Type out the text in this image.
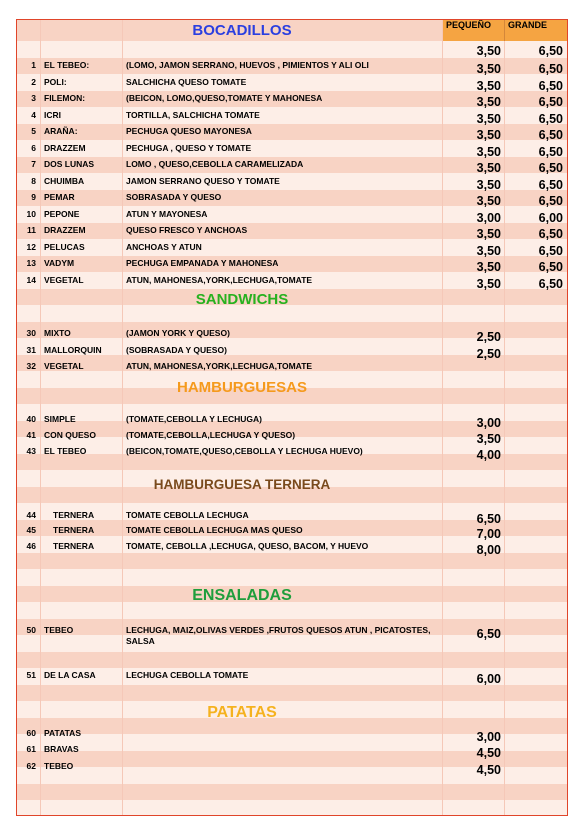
PEQUEÑO	GRANDE
BOCADILLOS
SANDWICHS
HAMBURGUESAS
HAMBURGUESA TERNERA
ENSALADAS
PATATAS
3,50	6,50
1 EL TEBEO:	(LOMO, JAMON SERRANO, HUEVOS , PIMIENTOS Y ALI OLI	3,50	6,50
2 POLI:	SALCHICHA QUESO TOMATE	3,50	6,50
3 FILEMON:	(BEICON, LOMO,QUESO,TOMATE Y MAHONESA	3,50	6,50
4 ICRI	TORTILLA, SALCHICHA TOMATE	3,50	6,50
5 ARAÑA:	PECHUGA QUESO MAYONESA	3,50	6,50
6 DRAZZEM	PECHUGA , QUESO Y TOMATE	3,50	6,50
7 DOS LUNAS	LOMO , QUESO,CEBOLLA CARAMELIZADA	3,50	6,50
8 CHUIMBA	JAMON SERRANO QUESO Y TOMATE	3,50	6,50
9 PEMAR	SOBRASADA Y QUESO	3,50	6,50
10 PEPONE	ATUN Y MAYONESA	3,00	6,00
11 DRAZZEM	QUESO FRESCO Y ANCHOAS	3,50	6,50
12 PELUCAS	ANCHOAS Y ATUN	3,50	6,50
13 VADYM	PECHUGA EMPANADA Y MAHONESA	3,50	6,50
14 VEGETAL	ATUN, MAHONESA,YORK,LECHUGA,TOMATE	3,50	6,50
30 MIXTO	(JAMON YORK Y QUESO)	2,50
31 MALLORQUIN	(SOBRASADA Y QUESO)	2,50
32 VEGETAL	ATUN, MAHONESA,YORK,LECHUGA,TOMATE
40 SIMPLE	(TOMATE,CEBOLLA Y LECHUGA)	3,00
41 CON QUESO	(TOMATE,CEBOLLA,LECHUGA Y QUESO)	3,50
43 EL TEBEO	(BEICON,TOMATE,QUESO,CEBOLLA Y LECHUGA HUEVO)	4,00
44 TERNERA	TOMATE CEBOLLA LECHUGA	6,50
45 TERNERA	TOMATE CEBOLLA LECHUGA MAS QUESO	7,00
46 TERNERA	TOMATE, CEBOLLA ,LECHUGA, QUESO, BACOM, Y HUEVO	8,00
50 TEBEO	LECHUGA, MAIZ,OLIVAS VERDES ,FRUTOS QUESOS ATUN , PICATOSTES, SALSA	6,50
51 DE LA CASA	LECHUGA CEBOLLA TOMATE	6,00
60 PATATAS	3,00
61 BRAVAS	4,50
62 TEBEO	4,50
